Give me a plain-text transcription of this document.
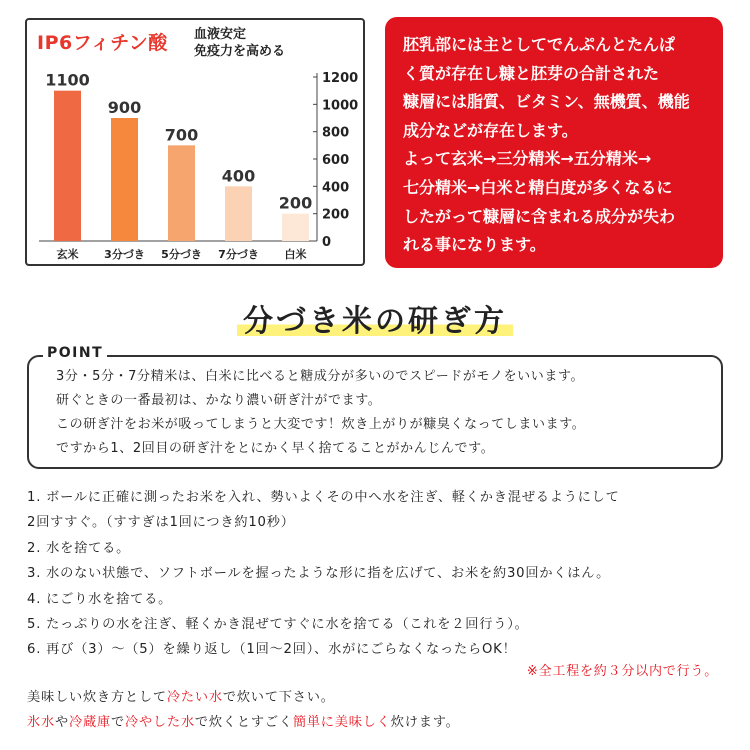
0
200
400
600
800
1000
1200
1100
玄米
900
3分づき
700
5分づき
400
7分づき
200
白米
IP6フィチン酸 血液安定
免疫力を高める	胚乳部には主としてでんぷんとたんぱ
く質が存在し糠と胚芽の合計された
糠層には脂質、ビタミン、無機質、機能
成分などが存在します。
よって玄米→三分精米→五分精米→
七分精米→白米と精白度が多くなるに
したがって糠層に含まれる成分が失わ
れる事になります。
分づき米の研ぎ方
POINT
3分・5分・7分精米は、白米に比べると糖成分が多いのでスピードがモノをいいます。
研ぐときの一番最初は、かなり濃い研ぎ汁がでます。
この研ぎ汁をお米が吸ってしまうと大変です！炊き上がりが糠臭くなってしまいます。
ですから1、2回目の研ぎ汁をとにかく早く捨てることがかんじんです。
1. ボールに正確に測ったお米を入れ、勢いよくその中へ水を注ぎ、軽くかき混ぜるようにして
2回すすぐ。（すすぎは1回につき約10秒）
2. 水を捨てる。
3. 水のない状態で、ソフトボールを握ったような形に指を広げて、お米を約30回かくはん。
4. にごり水を捨てる。
5. たっぷりの水を注ぎ、軽くかき混ぜてすぐに水を捨てる（これを２回行う）。
6. 再び（3）〜（5）を繰り返し（1回〜2回）、水がにごらなくなったらOK！
※全工程を約３分以内で行う。
美味しい炊き方として冷たい水で炊いて下さい。
氷水や冷蔵庫で冷やした水で炊くとすごく簡単に美味しく炊けます。
